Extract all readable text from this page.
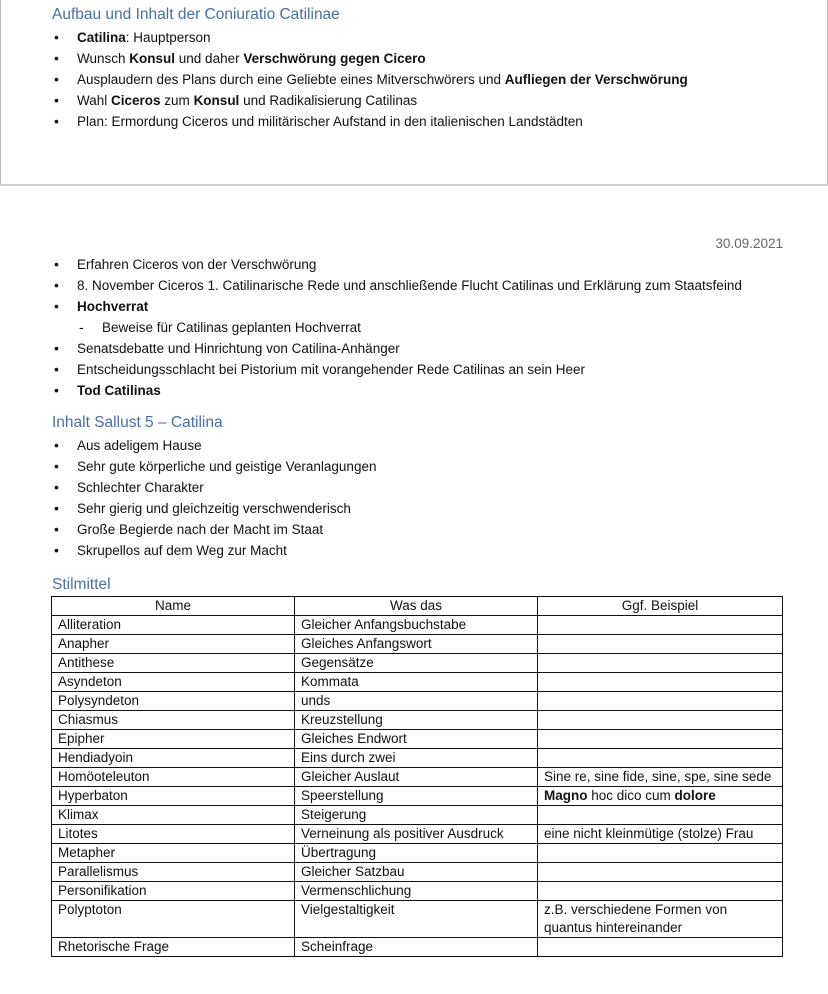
Aufbau und Inhalt der Coniuratio Catilinae
• Catilina: Hauptperson
• Wunsch Konsul und daher Verschwörung gegen Cicero
• Ausplaudern des Plans durch eine Geliebte eines Mitverschwörers und Aufliegen der Verschwörung
• Wahl Ciceros zum Konsul und Radikalisierung Catilinas
• Plan: Ermordung Ciceros und militärischer Aufstand in den italienischen Landstädten
30.09.2021
• Erfahren Ciceros von der Verschwörung
• 8. November Ciceros 1. Catilinarische Rede und anschließende Flucht Catilinas und Erklärung zum Staatsfeind
• Hochverrat
- Beweise für Catilinas geplanten Hochverrat
• Senatsdebatte und Hinrichtung von Catilina-Anhänger
• Entscheidungsschlacht bei Pistorium mit vorangehender Rede Catilinas an sein Heer
• Tod Catilinas
Inhalt Sallust 5 – Catilina
• Aus adeligem Hause
• Sehr gute körperliche und geistige Veranlagungen
• Schlechter Charakter
• Sehr gierig und gleichzeitig verschwenderisch
• Große Begierde nach der Macht im Staat
• Skrupellos auf dem Weg zur Macht
Stilmittel
Name	Was das	Ggf. Beispiel
Alliteration	Gleicher Anfangsbuchstabe	
Anapher	Gleiches Anfangswort	
Antithese	Gegensätze	
Asyndeton	Kommata	
Polysyndeton	unds	
Chiasmus	Kreuzstellung	
Epipher	Gleiches Endwort	
Hendiadyoin	Eins durch zwei	
Homöoteleuton	Gleicher Auslaut	Sine re, sine fide, sine, spe, sine sede
Hyperbaton	Speerstellung	Magno hoc dico cum dolore
Klimax	Steigerung	
Litotes	Verneinung als positiver Ausdruck	eine nicht kleinmütige (stolze) Frau
Metapher	Übertragung	
Parallelismus	Gleicher Satzbau	
Personifikation	Vermenschlichung	
Polyptoton	Vielgestaltigkeit	z.B. verschiedene Formen von quantus hintereinander
Rhetorische Frage	Scheinfrage	
